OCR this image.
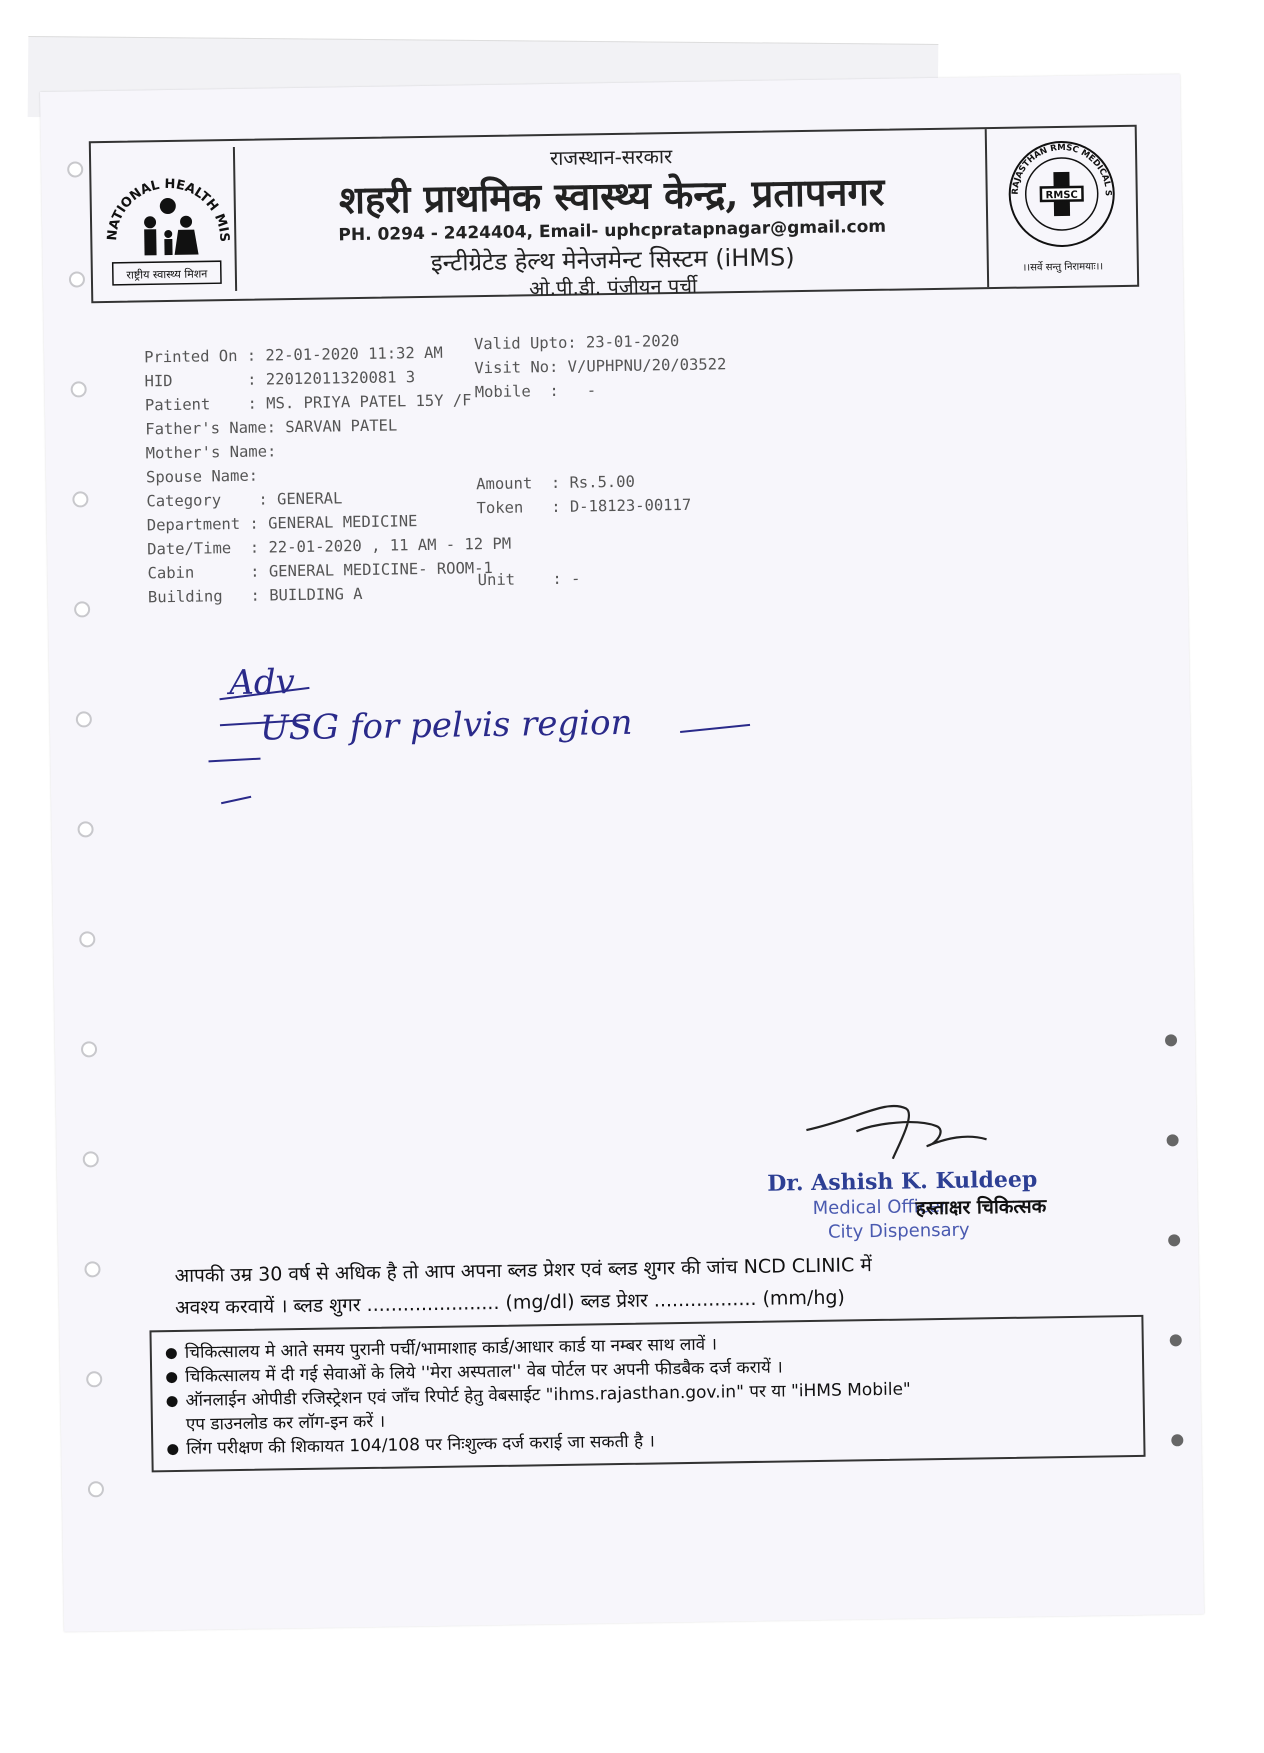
NATIONAL HEALTH MISSION
राष्ट्रीय स्वास्थ्य मिशन
राजस्थान-सरकार
शहरी प्राथमिक स्वास्थ्य केन्द्र, प्रतापनगर
PH. 0294 - 2424404, Email- uphcpratapnagar@gmail.com
इन्टीग्रेटेड हेल्थ मेनेजमेन्ट सिस्टम (iHMS)
ओ.पी.डी. पंजीयन पर्ची
RAJASTHAN RMSC MEDICAL SERVICES CORPORATION
RMSC
।।सर्वे सन्तु निरामयाः।।
Printed On : 22-01-2020 11:32 AM
Valid Upto: 23-01-2020
HID        : 22012011320081 3
Visit No: V/UPHPNU/20/03522
Patient    : MS. PRIYA PATEL 15Y /F
Mobile  :   -
Father's Name: SARVAN PATEL
Mother's Name:
Spouse Name:
Category    : GENERAL
Amount  : Rs.5.00
Department : GENERAL MEDICINE
Token   : D-18123-00117
Date/Time  : 22-01-2020 , 11 AM - 12 PM
Cabin      : GENERAL MEDICINE- ROOM-1
Building   : BUILDING A
Unit    : -
Adv
USG for pelvis region
Dr. Ashish K. Kuldeep
Medical Officer
हस्ताक्षर चिकित्सक
City Dispensary
आपकी उम्र 30 वर्ष से अधिक है तो आप अपना ब्लड प्रेशर एवं ब्लड शुगर की जांच NCD CLINIC में
अवश्य करवायें । ब्लड शुगर ...................... (mg/dl) ब्लड प्रेशर ................. (mm/hg)
चिकित्सालय मे आते समय पुरानी पर्ची/भामाशाह कार्ड/आधार कार्ड या नम्बर साथ लावें ।
चिकित्सालय में दी गई सेवाओं के लिये ''मेरा अस्पताल'' वेब पोर्टल पर अपनी फीडबैक दर्ज करायें ।
ऑनलाईन ओपीडी रजिस्ट्रेशन एवं जाँच रिपोर्ट हेतु वेबसाईट "ihms.rajasthan.gov.in" पर या "iHMS Mobile"
एप डाउनलोड कर लॉग-इन करें ।
लिंग परीक्षण की शिकायत 104/108 पर निःशुल्क दर्ज कराई जा सकती है ।
